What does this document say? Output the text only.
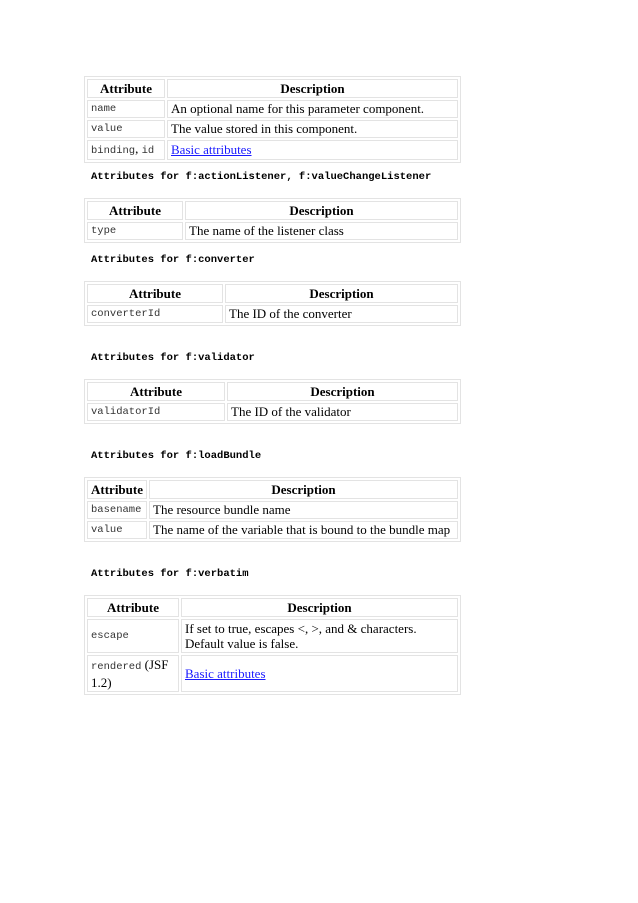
Attribute	Description
name	An optional name for this parameter component.
value	The value stored in this component.
binding, id	Basic attributes
Attributes for f:actionListener, f:valueChangeListener
Attribute	Description
type	The name of the listener class
Attributes for f:converter
Attribute	Description
converterId	The ID of the converter
Attributes for f:validator
Attribute	Description
validatorId	The ID of the validator
Attributes for f:loadBundle
Attribute	Description
basename	The resource bundle name
value	The name of the variable that is bound to the bundle map
Attributes for f:verbatim
Attribute	Description
escape	If set to true, escapes <, >, and & characters. Default value is false.
rendered (JSF 1.2)	Basic attributes
